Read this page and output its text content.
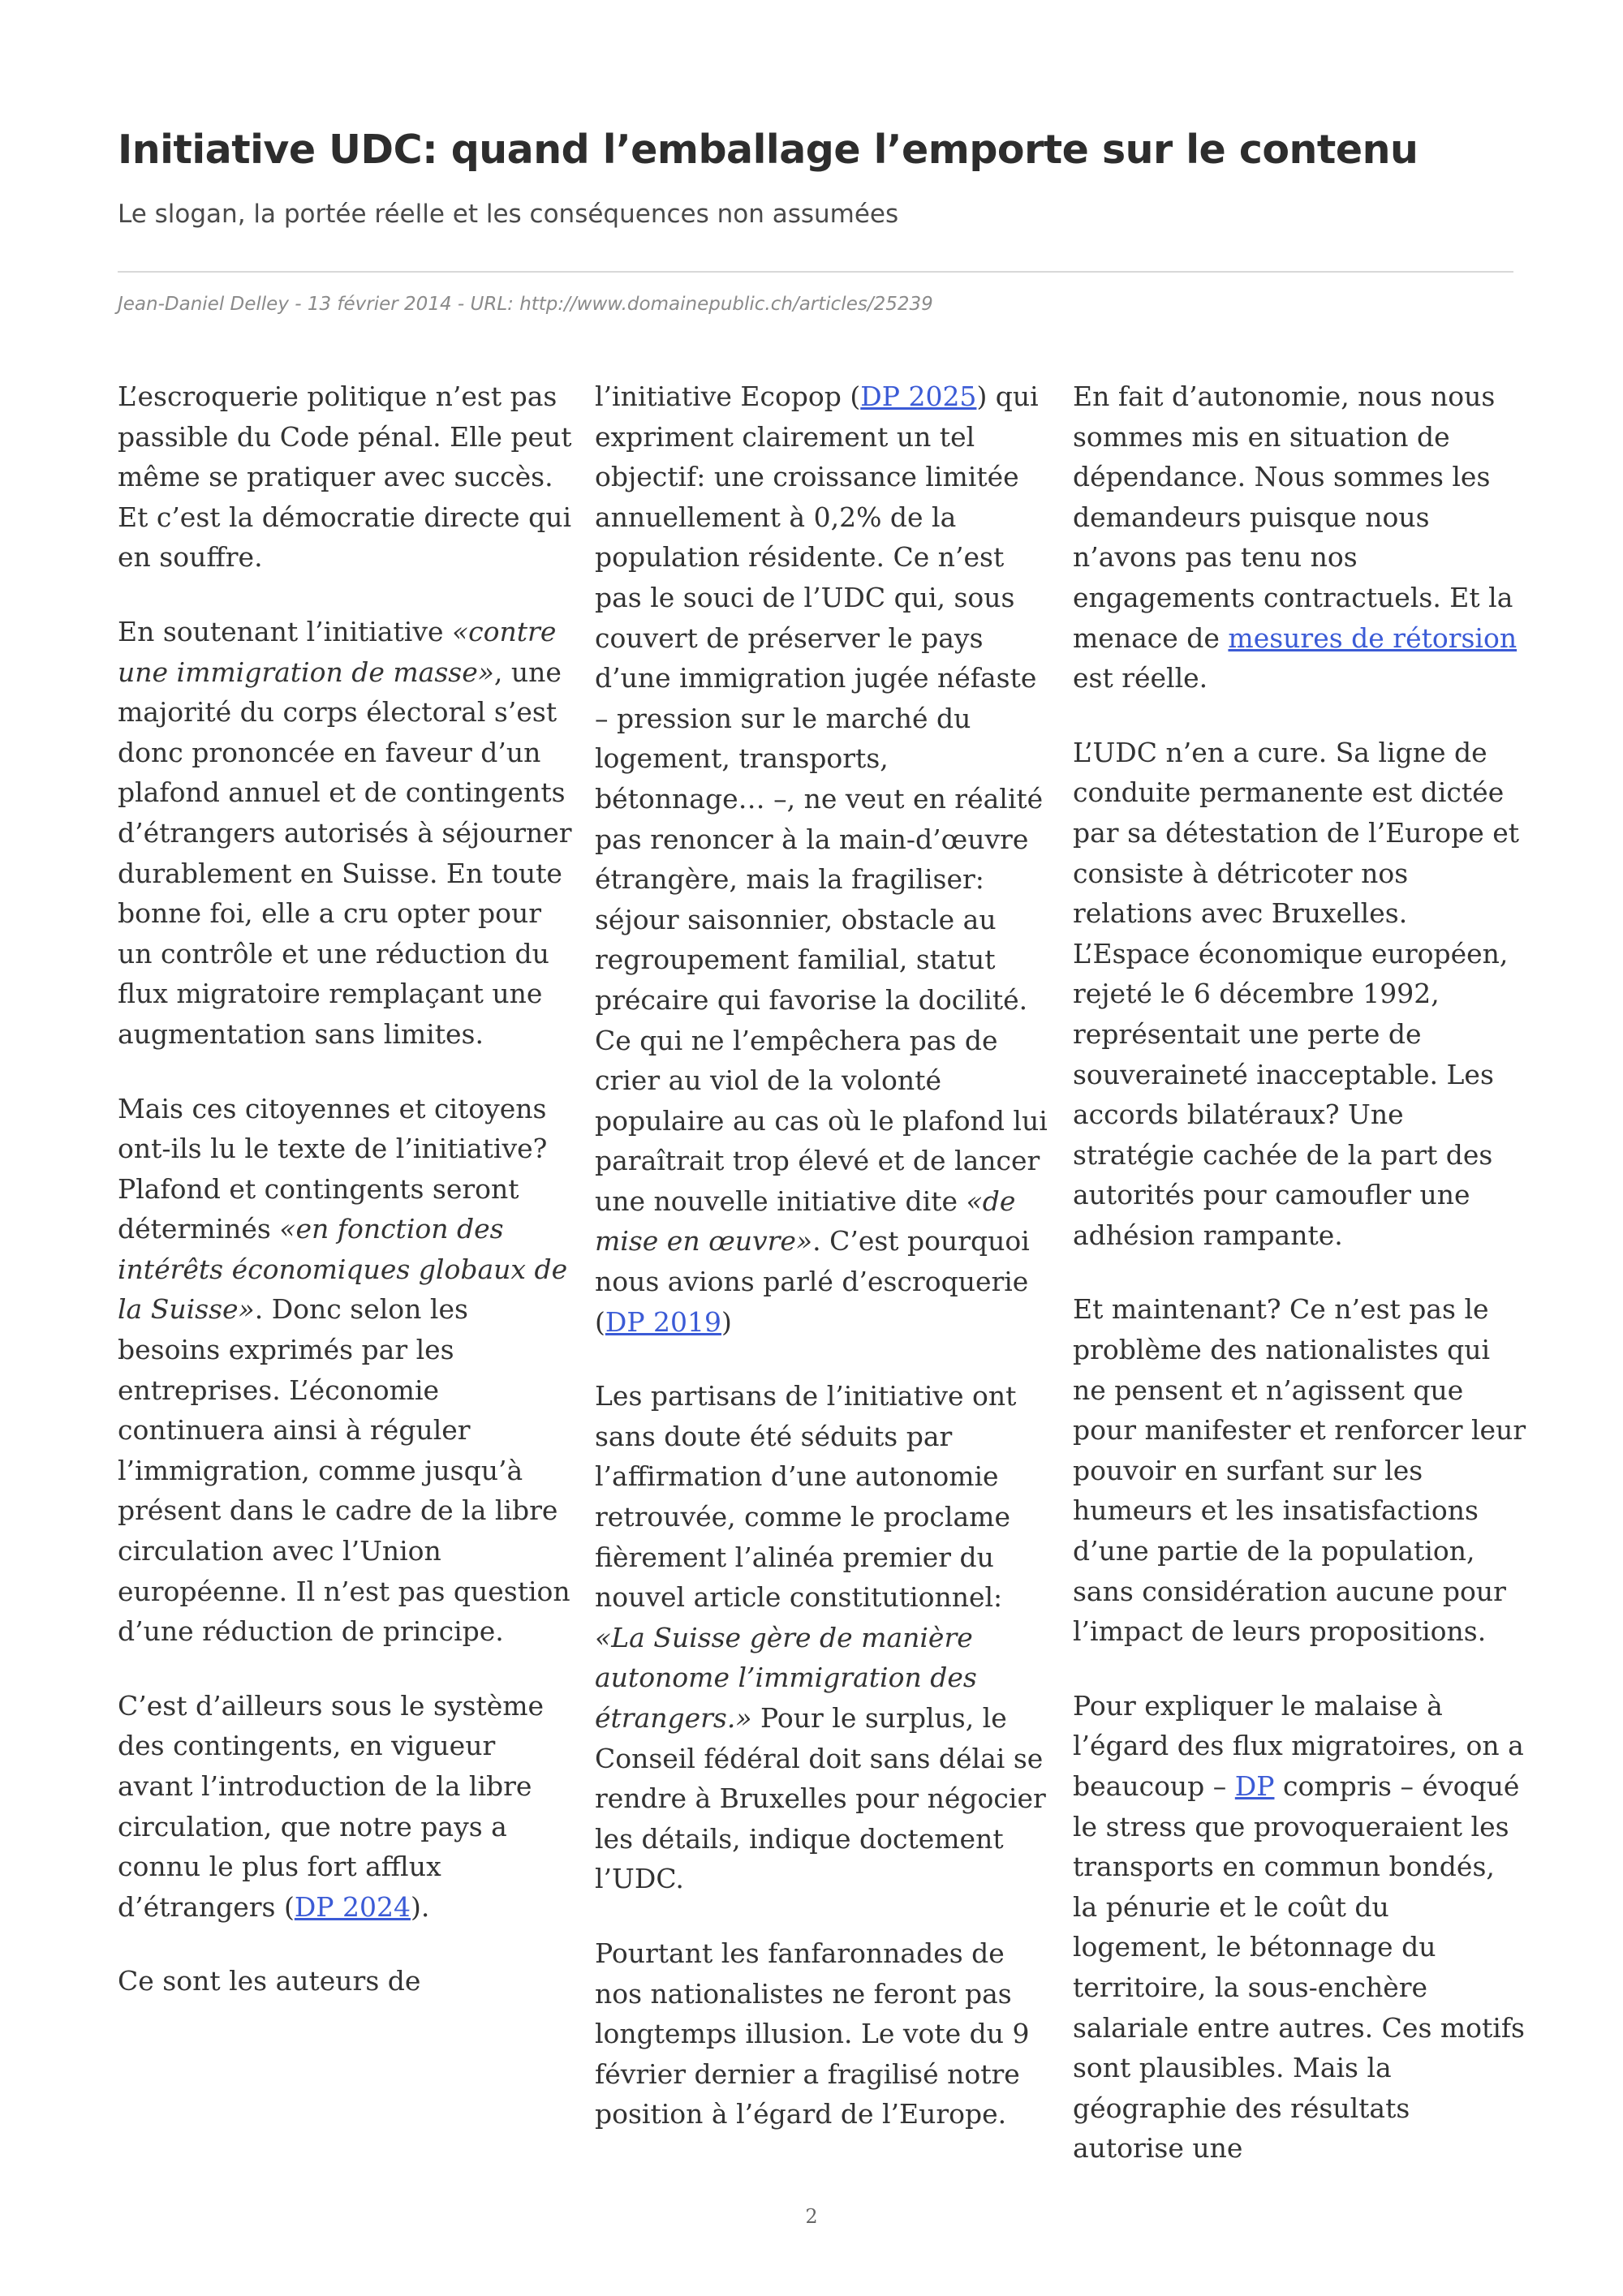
Initiative UDC: quand l’emballage l’emporte sur le contenu

Le slogan, la portée réelle et les conséquences non assumées

Jean-Daniel Delley - 13 février 2014 - URL: http://www.domainepublic.ch/articles/25239

L’escroquerie politique n’est pas passible du Code pénal. Elle peut même se pratiquer avec succès. Et c’est la démocratie directe qui en souffre.

En soutenant l’initiative «contre une immigration de masse», une majorité du corps électoral s’est donc prononcée en faveur d’un plafond annuel et de contingents d’étrangers autorisés à séjourner durablement en Suisse. En toute bonne foi, elle a cru opter pour un contrôle et une réduction du flux migratoire remplaçant une augmentation sans limites.

Mais ces citoyennes et citoyens ont-ils lu le texte de l’initiative? Plafond et contingents seront déterminés «en fonction des intérêts économiques globaux de la Suisse». Donc selon les besoins exprimés par les entreprises. L’économie continuera ainsi à réguler l’immigration, comme jusqu’à présent dans le cadre de la libre circulation avec l’Union européenne. Il n’est pas question d’une réduction de principe.

C’est d’ailleurs sous le système des contingents, en vigueur avant l’introduction de la libre circulation, que notre pays a connu le plus fort afflux d’étrangers (DP 2024).

Ce sont les auteurs de

l’initiative Ecopop (DP 2025) qui expriment clairement un tel objectif: une croissance limitée annuellement à 0,2% de la population résidente. Ce n’est pas le souci de l’UDC qui, sous couvert de préserver le pays d’une immigration jugée néfaste – pression sur le marché du logement, transports, bétonnage… –, ne veut en réalité pas renoncer à la main-d’œuvre étrangère, mais la fragiliser: séjour saisonnier, obstacle au regroupement familial, statut précaire qui favorise la docilité. Ce qui ne l’empêchera pas de crier au viol de la volonté populaire au cas où le plafond lui paraîtrait trop élevé et de lancer une nouvelle initiative dite «de mise en œuvre». C’est pourquoi nous avions parlé d’escroquerie (DP 2019)

Les partisans de l’initiative ont sans doute été séduits par l’affirmation d’une autonomie retrouvée, comme le proclame fièrement l’alinéa premier du nouvel article constitutionnel: «La Suisse gère de manière autonome l’immigration des étrangers.» Pour le surplus, le Conseil fédéral doit sans délai se rendre à Bruxelles pour négocier les détails, indique doctement l’UDC.

Pourtant les fanfaronnades de nos nationalistes ne feront pas longtemps illusion. Le vote du 9 février dernier a fragilisé notre position à l’égard de l’Europe.

En fait d’autonomie, nous nous sommes mis en situation de dépendance. Nous sommes les demandeurs puisque nous n’avons pas tenu nos engagements contractuels. Et la menace de mesures de rétorsion est réelle.

L’UDC n’en a cure. Sa ligne de conduite permanente est dictée par sa détestation de l’Europe et consiste à détricoter nos relations avec Bruxelles. L’Espace économique européen, rejeté le 6 décembre 1992, représentait une perte de souveraineté inacceptable. Les accords bilatéraux? Une stratégie cachée de la part des autorités pour camoufler une adhésion rampante.

Et maintenant? Ce n’est pas le problème des nationalistes qui ne pensent et n’agissent que pour manifester et renforcer leur pouvoir en surfant sur les humeurs et les insatisfactions d’une partie de la population, sans considération aucune pour l’impact de leurs propositions.

Pour expliquer le malaise à l’égard des flux migratoires, on a beaucoup – DP compris – évoqué le stress que provoqueraient les transports en commun bondés, la pénurie et le coût du logement, le bétonnage du territoire, la sous-enchère salariale entre autres. Ces motifs sont plausibles. Mais la géographie des résultats autorise une

2
